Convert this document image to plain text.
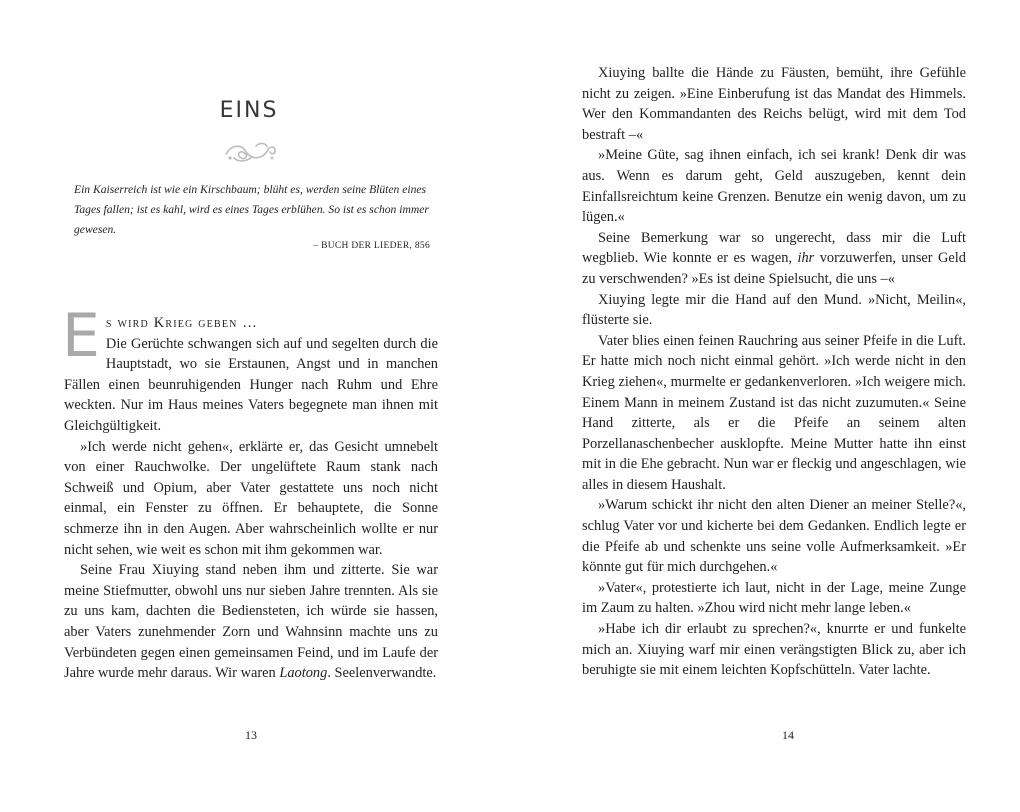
EINS

Ein Kaiserreich ist wie ein Kirschbaum; blüht es, werden seine Blüten eines Tages fallen; ist es kahl, wird es eines Tages erblühen. So ist es schon immer gewesen.

– BUCH DER LIEDER, 856

Es wird Krieg geben …
Die Gerüchte schwangen sich auf und segelten durch die Hauptstadt, wo sie Erstaunen, Angst und in manchen Fällen einen beunruhigenden Hunger nach Ruhm und Ehre weckten. Nur im Haus meines Vaters begegnete man ihnen mit Gleichgültigkeit.

»Ich werde nicht gehen«, erklärte er, das Gesicht umnebelt von einer Rauchwolke. Der ungelüftete Raum stank nach Schweiß und Opium, aber Vater gestattete uns noch nicht einmal, ein Fenster zu öffnen. Er behauptete, die Sonne schmerze ihn in den Augen. Aber wahrscheinlich wollte er nur nicht sehen, wie weit es schon mit ihm gekommen war.

Seine Frau Xiuying stand neben ihm und zitterte. Sie war meine Stiefmutter, obwohl uns nur sieben Jahre trennten. Als sie zu uns kam, dachten die Bediensteten, ich würde sie hassen, aber Vaters zunehmender Zorn und Wahnsinn machte uns zu Verbündeten gegen einen gemeinsamen Feind, und im Laufe der Jahre wurde mehr daraus. Wir waren Laotong. Seelenverwandte.

13

Xiuying ballte die Hände zu Fäusten, bemüht, ihre Gefühle nicht zu zeigen. »Eine Einberufung ist das Mandat des Himmels. Wer den Kommandanten des Reichs belügt, wird mit dem Tod bestraft –«

»Meine Güte, sag ihnen einfach, ich sei krank! Denk dir was aus. Wenn es darum geht, Geld auszugeben, kennt dein Einfallsreichtum keine Grenzen. Benutze ein wenig davon, um zu lügen.«

Seine Bemerkung war so ungerecht, dass mir die Luft wegblieb. Wie konnte er es wagen, ihr vorzuwerfen, unser Geld zu verschwenden? »Es ist deine Spielsucht, die uns –«

Xiuying legte mir die Hand auf den Mund. »Nicht, Meilin«, flüsterte sie.

Vater blies einen feinen Rauchring aus seiner Pfeife in die Luft. Er hatte mich noch nicht einmal gehört. »Ich werde nicht in den Krieg ziehen«, murmelte er gedankenverloren. »Ich weigere mich. Einem Mann in meinem Zustand ist das nicht zuzumuten.« Seine Hand zitterte, als er die Pfeife an seinem alten Porzellanaschenbecher ausklopfte. Meine Mutter hatte ihn einst mit in die Ehe gebracht. Nun war er fleckig und angeschlagen, wie alles in diesem Haushalt.

»Warum schickt ihr nicht den alten Diener an meiner Stelle?«, schlug Vater vor und kicherte bei dem Gedanken. Endlich legte er die Pfeife ab und schenkte uns seine volle Aufmerksamkeit. »Er könnte gut für mich durchgehen.«

»Vater«, protestierte ich laut, nicht in der Lage, meine Zunge im Zaum zu halten. »Zhou wird nicht mehr lange leben.«

»Habe ich dir erlaubt zu sprechen?«, knurrte er und funkelte mich an. Xiuying warf mir einen verängstigten Blick zu, aber ich beruhigte sie mit einem leichten Kopfschütteln. Vater lachte.

14
